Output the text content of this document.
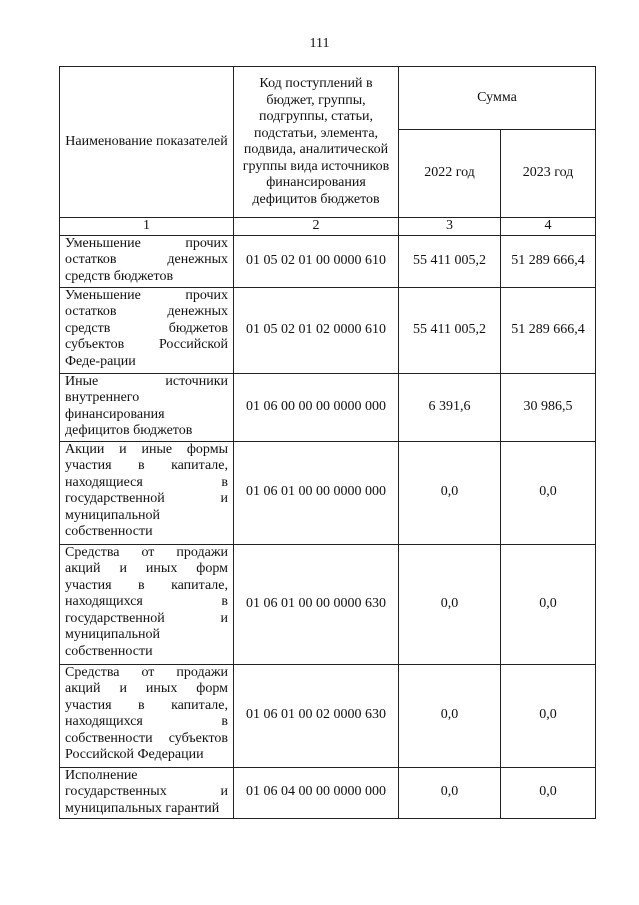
111
Наименование показателей	Код поступлений в бюджет, группы, подгруппы, статьи, подстатьи, элемента, подвида, аналитической группы вида источников финансирования дефицитов бюджетов	Сумма	
		2022 год	2023 год
1	2	3	4
Уменьшение прочих остатков денежных средств бюджетов	01 05 02 01 00 0000 610	55 411 005,2	51 289 666,4
Уменьшение прочих остатков денежных средств бюджетов субъектов Российской Феде-рации	01 05 02 01 02 0000 610	55 411 005,2	51 289 666,4
Иные источники внутреннего финансирования дефицитов бюджетов	01 06 00 00 00 0000 000	6 391,6	30 986,5
Акции и иные формы участия в капитале, находящиеся в государственной и муниципальной собственности	01 06 01 00 00 0000 000	0,0	0,0
Средства от продажи акций и иных форм участия в капитале, находящихся в государственной и муниципальной собственности	01 06 01 00 00 0000 630	0,0	0,0
Средства от продажи акций и иных форм участия в капитале, находящихся в собственности субъектов Российской Федерации	01 06 01 00 02 0000 630	0,0	0,0
Исполнение государственных и муниципальных гарантий	01 06 04 00 00 0000 000	0,0	0,0
